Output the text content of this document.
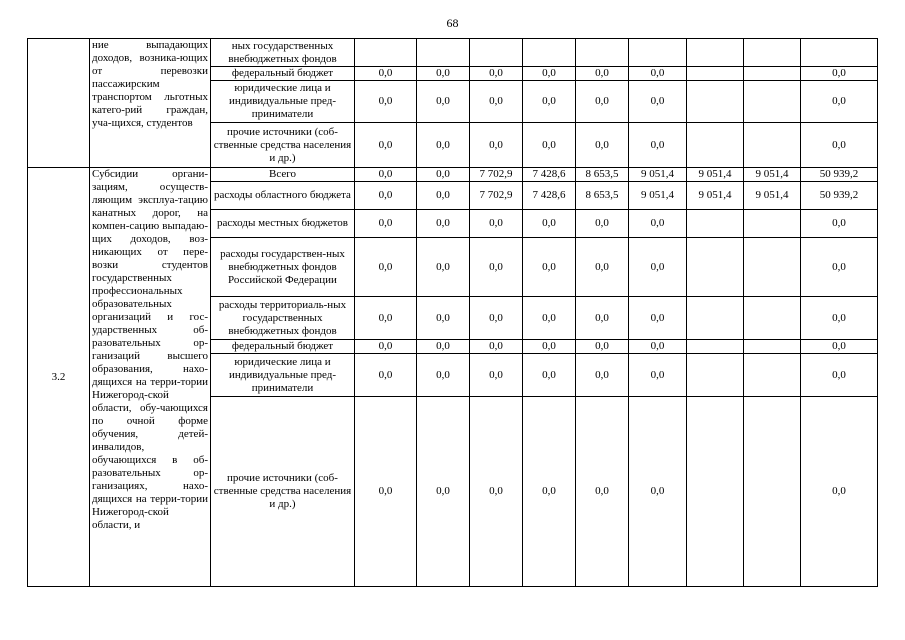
68
	ние выпадающих доходов, возника-ющих от перевозки пассажирским транспортом льготных катего-рий граждан, уча-щихся, студентов	ных государственных внебюджетных фондов									
		федеральный бюджет	0,0	0,0	0,0	0,0	0,0	0,0			0,0
		юридические лица и индивидуальные пред-приниматели	0,0	0,0	0,0	0,0	0,0	0,0			0,0
		прочие источники (соб-ственные средства населения и др.)	0,0	0,0	0,0	0,0	0,0	0,0			0,0
3.2	Субсидии органи-зациям, осуществ-ляющим эксплуа-тацию канатных дорог, на компен-сацию выпадаю-щих доходов, воз-никающих от пере-возки студентов государственных профессиональных образовательных организаций и гос-ударственных об-разовательных ор-ганизаций высшего образования, нахо-дящихся на терри-тории Нижегород-ской области, обу-чающихся по очной форме обучения, детей-инвалидов, обучающихся в об-разовательных ор-ганизациях, нахо-дящихся на терри-тории Нижегород-ской области, и	Всего	0,0	0,0	7 702,9	7 428,6	8 653,5	9 051,4	9 051,4	9 051,4	50 939,2
		расходы областного бюджета	0,0	0,0	7 702,9	7 428,6	8 653,5	9 051,4	9 051,4	9 051,4	50 939,2
		расходы местных бюджетов	0,0	0,0	0,0	0,0	0,0	0,0			0,0
		расходы государствен-ных внебюджетных фондов Российской Федерации	0,0	0,0	0,0	0,0	0,0	0,0			0,0
		расходы территориаль-ных государственных внебюджетных фондов	0,0	0,0	0,0	0,0	0,0	0,0			0,0
		федеральный бюджет	0,0	0,0	0,0	0,0	0,0	0,0			0,0
		юридические лица и индивидуальные пред-приниматели	0,0	0,0	0,0	0,0	0,0	0,0			0,0
		прочие источники (соб-ственные средства населения и др.)	0,0	0,0	0,0	0,0	0,0	0,0			0,0
